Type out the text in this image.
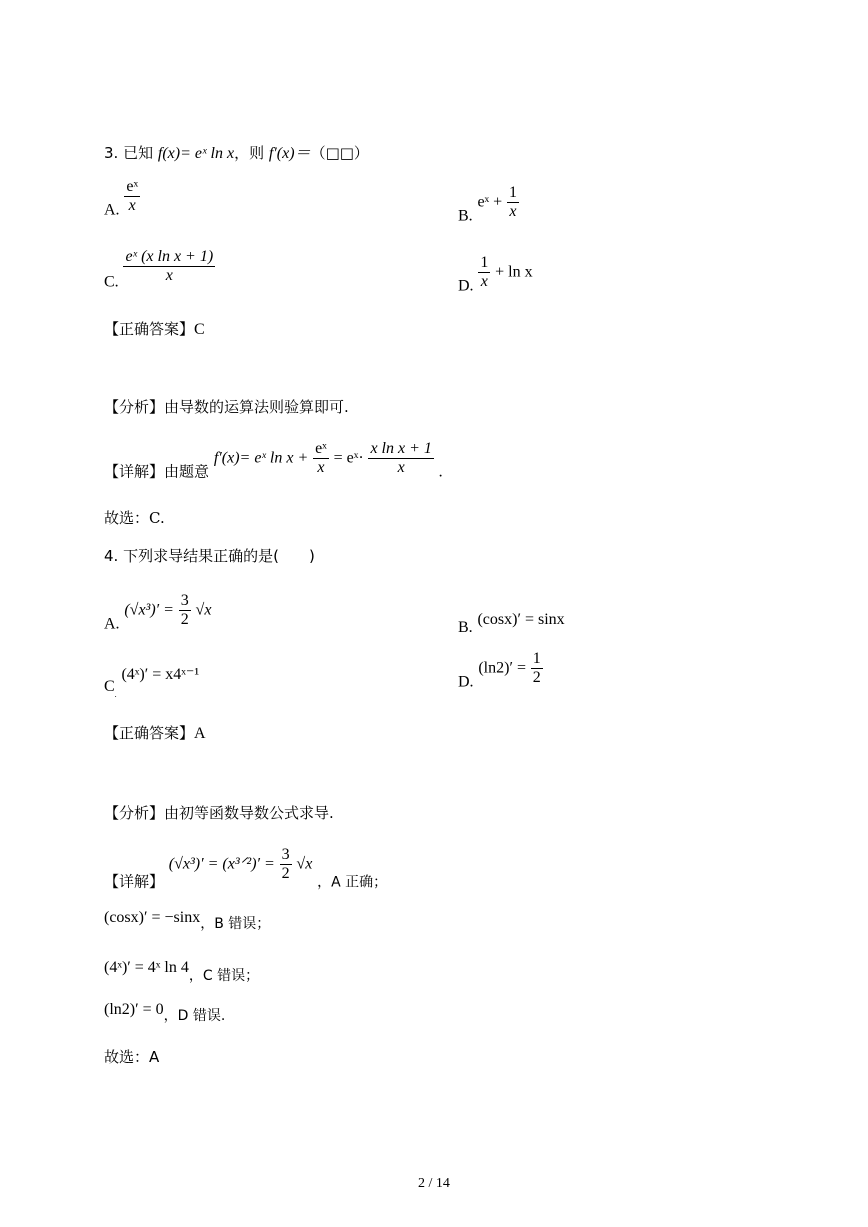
3. 已知 f(x)= eˣ ln x，则 f′(x)＝（□□）
A. $\frac{\text{eˣ}}{x}$
B. eˣ + $\frac{1}{x}$
C. $\frac{\text{eˣ (x ln x + 1)}}{x}$
D. $\frac{1}{x} + \ln x$
【正确答案】C
【分析】由导数的运算法则验算即可.
【详解】由题意 f′(x)= eˣ $\ln x + \frac{\text{eˣ}}{x}$ = eˣ· $\frac{\text{x ln x + 1}}{x}$ .
故选：C.
4. 下列求导结果正确的是(　　)
A. $(√x^3)' = \frac{3}{2} √x$
B. (cosx)′ = sinx
$C_.$ (4ˣ)′ = x4ˣ⁻¹	D. $(\ln 2)' = \frac{1}{2}$
【正确答案】A
【分析】由初等函数导数公式求导.
【详解】 (√x³)′ = (x³ᐟ²)′ = $\frac{3}{2} √x$ ，A 正确；
(cosx)′ = −sinx，B 错误；
(4ˣ)′ = 4ˣ ln 4，C 错误；
(ln2)′ = 0，D 错误.
故选：A
2 / 14
